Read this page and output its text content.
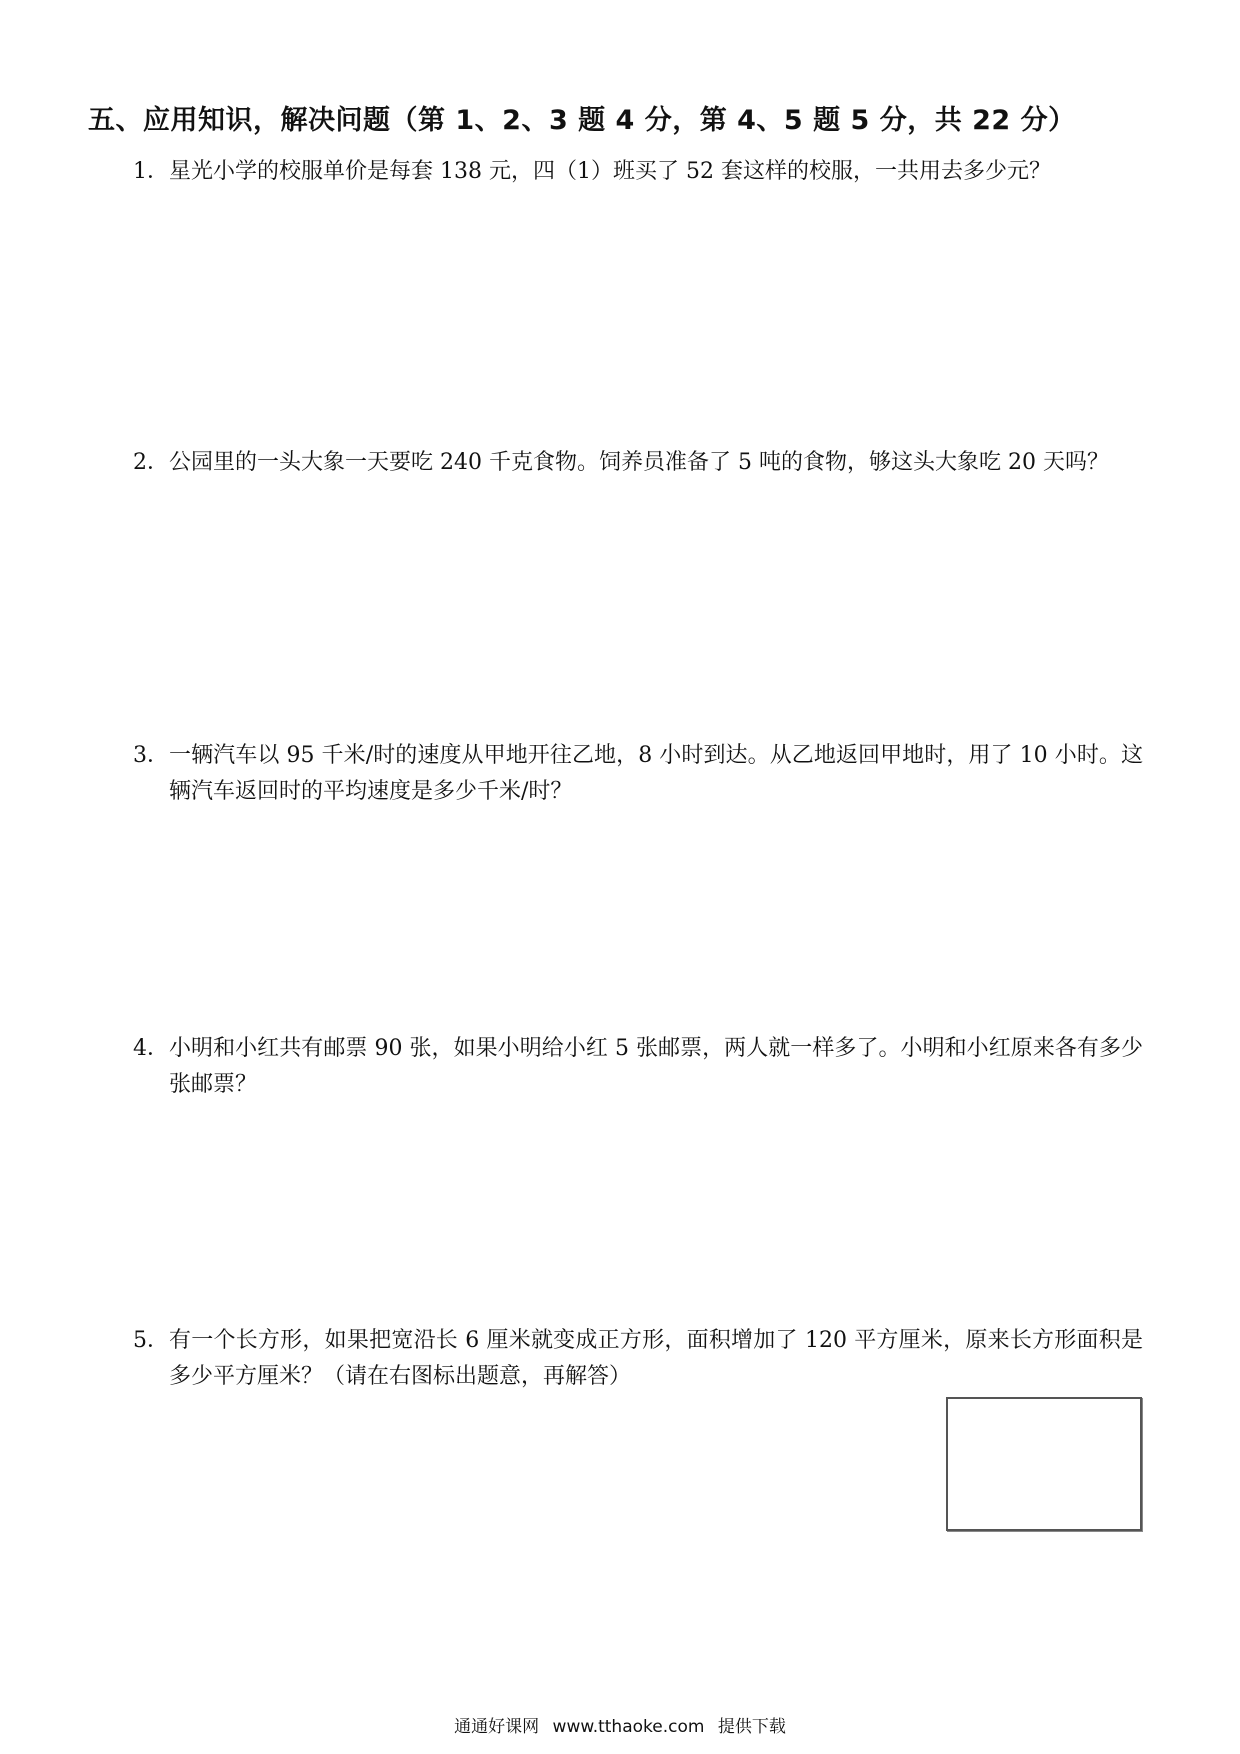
五、应用知识，解决问题（第 1、2、3 题 4 分，第 4、5 题 5 分，共 22 分）
1． 星光小学的校服单价是每套 138 元，四（1）班买了 52 套这样的校服，一共用去多少元？
2． 公园里的一头大象一天要吃 240 千克食物。饲养员准备了 5 吨的食物，够这头大象吃 20 天吗？
3． 一辆汽车以 95 千米/时的速度从甲地开往乙地，8 小时到达。从乙地返回甲地时，用了 10 小时。这辆汽车返回时的平均速度是多少千米/时？
4． 小明和小红共有邮票 90 张，如果小明给小红 5 张邮票，两人就一样多了。小明和小红原来各有多少张邮票？
5． 有一个长方形，如果把宽沿长 6 厘米就变成正方形，面积增加了 120 平方厘米，原来长方形面积是多少平方厘米？（请在右图标出题意，再解答）
通通好课网 www.tthaoke.com 提供下载
